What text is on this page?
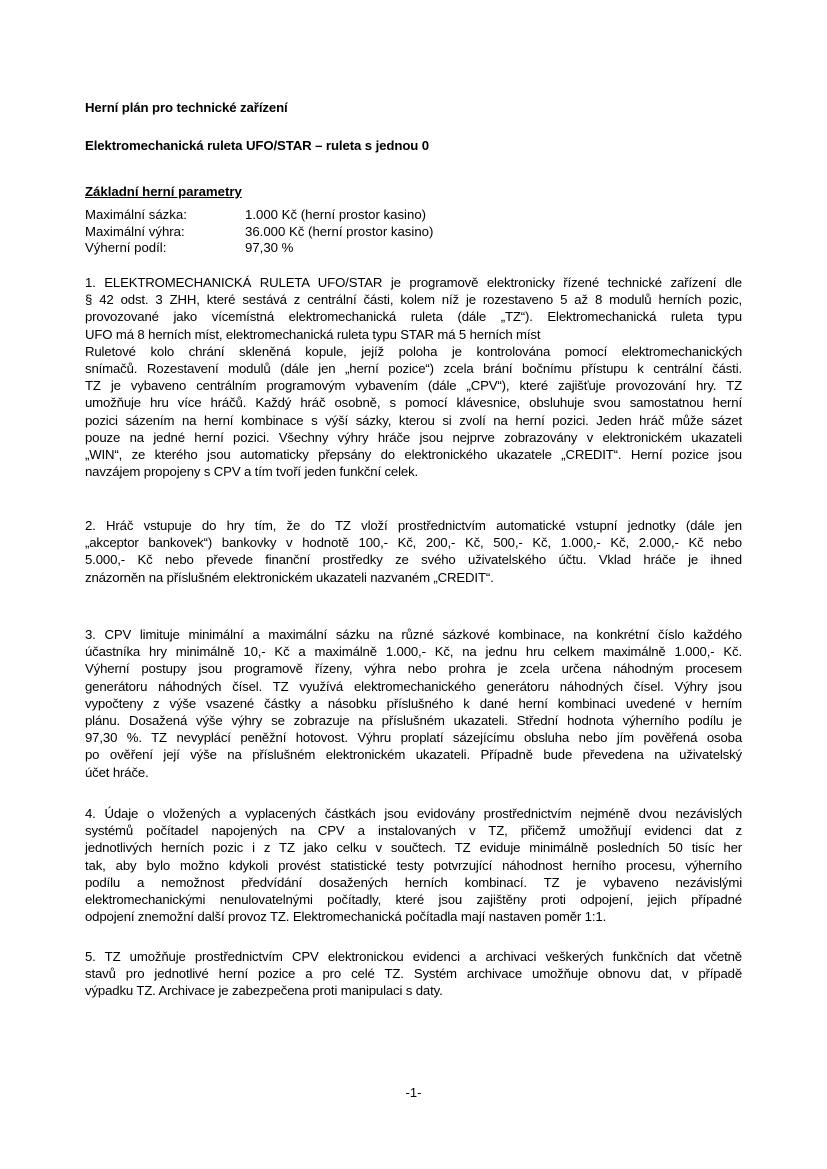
Herní plán pro technické zařízení
Elektromechanická ruleta UFO/STAR – ruleta s jednou 0
Základní herní parametry
Maximální sázka:	1.000 Kč (herní prostor kasino)
Maximální výhra:	36.000 Kč (herní prostor kasino)
Výherní podíl:	97,30 %
1. ELEKTROMECHANICKÁ RULETA UFO/STAR je programově elektronicky řízené technické zařízení dle
§ 42 odst. 3 ZHH, které sestává z centrální části, kolem níž je rozestaveno 5 až 8 modulů herních pozic,
provozované jako vícemístná elektromechanická ruleta (dále „TZ“). Elektromechanická ruleta typu
UFO má 8 herních míst, elektromechanická ruleta typu STAR má 5 herních míst
Ruletové kolo chrání skleněná kopule, jejíž poloha je kontrolována pomocí elektromechanických
snímačů. Rozestavení modulů (dále jen „herní pozice“) zcela brání bočnímu přístupu k centrální části.
TZ je vybaveno centrálním programovým vybavením (dále „CPV“), které zajišťuje provozování hry. TZ
umožňuje hru více hráčů. Každý hráč osobně, s pomocí klávesnice, obsluhuje svou samostatnou herní
pozici sázením na herní kombinace s výší sázky, kterou si zvolí na herní pozici. Jeden hráč může sázet
pouze na jedné herní pozici. Všechny výhry hráče jsou nejprve zobrazovány v elektronickém ukazateli
„WIN“, ze kterého jsou automaticky přepsány do elektronického ukazatele „CREDIT“. Herní pozice jsou
navzájem propojeny s CPV a tím tvoří jeden funkční celek.
2. Hráč vstupuje do hry tím, že do TZ vloží prostřednictvím automatické vstupní jednotky (dále jen
„akceptor bankovek“) bankovky v hodnotě 100,- Kč, 200,- Kč, 500,- Kč, 1.000,- Kč, 2.000,- Kč nebo
5.000,- Kč nebo převede finanční prostředky ze svého uživatelského účtu. Vklad hráče je ihned
znázorněn na příslušném elektronickém ukazateli nazvaném „CREDIT“.
3. CPV limituje minimální a maximální sázku na různé sázkové kombinace, na konkrétní číslo každého
účastníka hry minimálně 10,- Kč a maximálně 1.000,- Kč, na jednu hru celkem maximálně 1.000,- Kč.
Výherní postupy jsou programově řízeny, výhra nebo prohra je zcela určena náhodným procesem
generátoru náhodných čísel. TZ využívá elektromechanického generátoru náhodných čísel. Výhry jsou
vypočteny z výše vsazené částky a násobku příslušného k dané herní kombinaci uvedené v herním
plánu. Dosažená výše výhry se zobrazuje na příslušném ukazateli. Střední hodnota výherního podílu je
97,30 %. TZ nevyplácí peněžní hotovost. Výhru proplatí sázejícímu obsluha nebo jím pověřená osoba
po ověření její výše na příslušném elektronickém ukazateli. Případně bude převedena na uživatelský
účet hráče.
4. Údaje o vložených a vyplacených částkách jsou evidovány prostřednictvím nejméně dvou nezávislých
systémů počítadel napojených na CPV a instalovaných v TZ, přičemž umožňují evidenci dat z
jednotlivých herních pozic i z TZ jako celku v součtech. TZ eviduje minimálně posledních 50 tisíc her
tak, aby bylo možno kdykoli provést statistické testy potvrzující náhodnost herního procesu, výherního
podílu a nemožnost předvídání dosažených herních kombinací. TZ je vybaveno nezávislými
elektromechanickými nenulovatelnými počítadly, které jsou zajištěny proti odpojení, jejich případné
odpojení znemožní další provoz TZ. Elektromechanická počítadla mají nastaven poměr 1:1.
5. TZ umožňuje prostřednictvím CPV elektronickou evidenci a archivaci veškerých funkčních dat včetně
stavů pro jednotlivé herní pozice a pro celé TZ. Systém archivace umožňuje obnovu dat, v případě
výpadku TZ. Archivace je zabezpečena proti manipulaci s daty.
-1-
